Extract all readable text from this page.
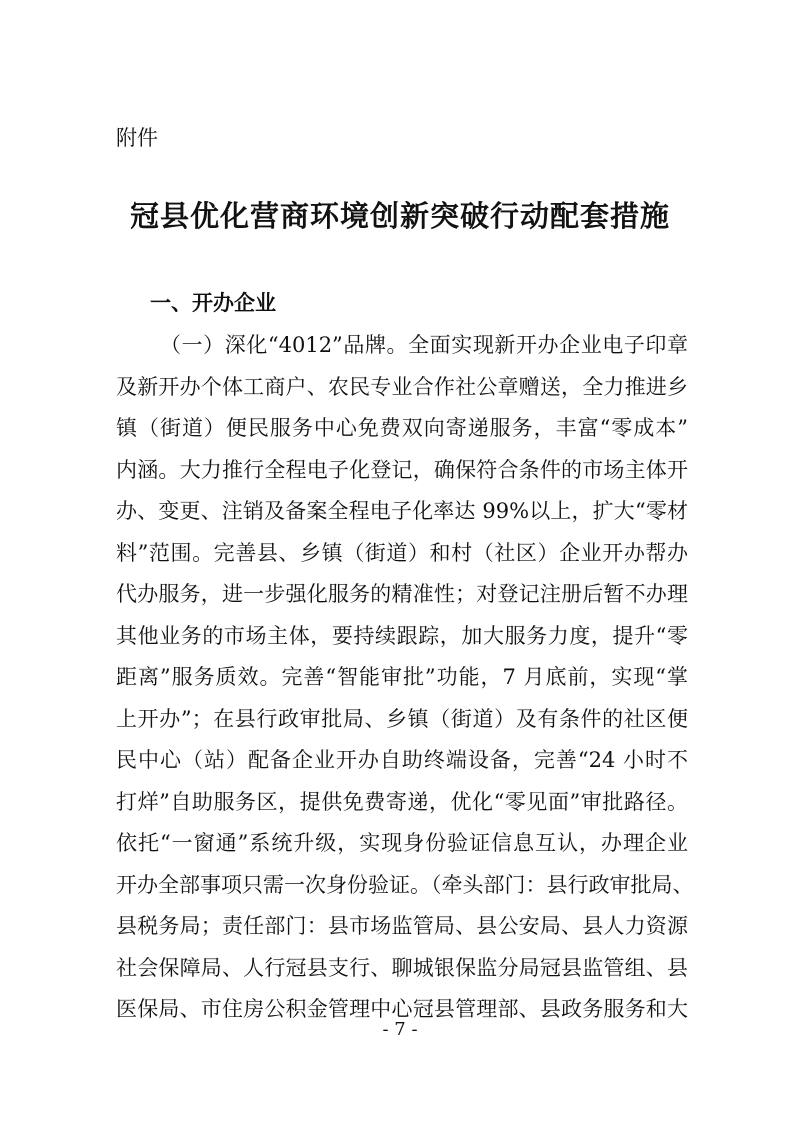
附件
冠县优化营商环境创新突破行动配套措施
一、开办企业
（一）深化“4012”品牌。全面实现新开办企业电子印章
及新开办个体工商户、农民专业合作社公章赠送，全力推进乡
镇（街道）便民服务中心免费双向寄递服务，丰富“零成本”
内涵。大力推行全程电子化登记，确保符合条件的市场主体开
办、变更、注销及备案全程电子化率达 99%以上，扩大“零材
料”范围。完善县、乡镇（街道）和村（社区）企业开办帮办
代办服务，进一步强化服务的精准性；对登记注册后暂不办理
其他业务的市场主体，要持续跟踪，加大服务力度，提升“零
距离”服务质效。完善“智能审批”功能，7 月底前，实现“掌
上开办”；在县行政审批局、乡镇（街道）及有条件的社区便
民中心（站）配备企业开办自助终端设备，完善“24 小时不
打烊”自助服务区，提供免费寄递，优化“零见面”审批路径。
依托“一窗通”系统升级，实现身份验证信息互认，办理企业
开办全部事项只需一次身份验证。（牵头部门：县行政审批局、
县税务局；责任部门：县市场监管局、县公安局、县人力资源
社会保障局、人行冠县支行、聊城银保监分局冠县监管组、县
医保局、市住房公积金管理中心冠县管理部、县政务服务和大
- 7 -
